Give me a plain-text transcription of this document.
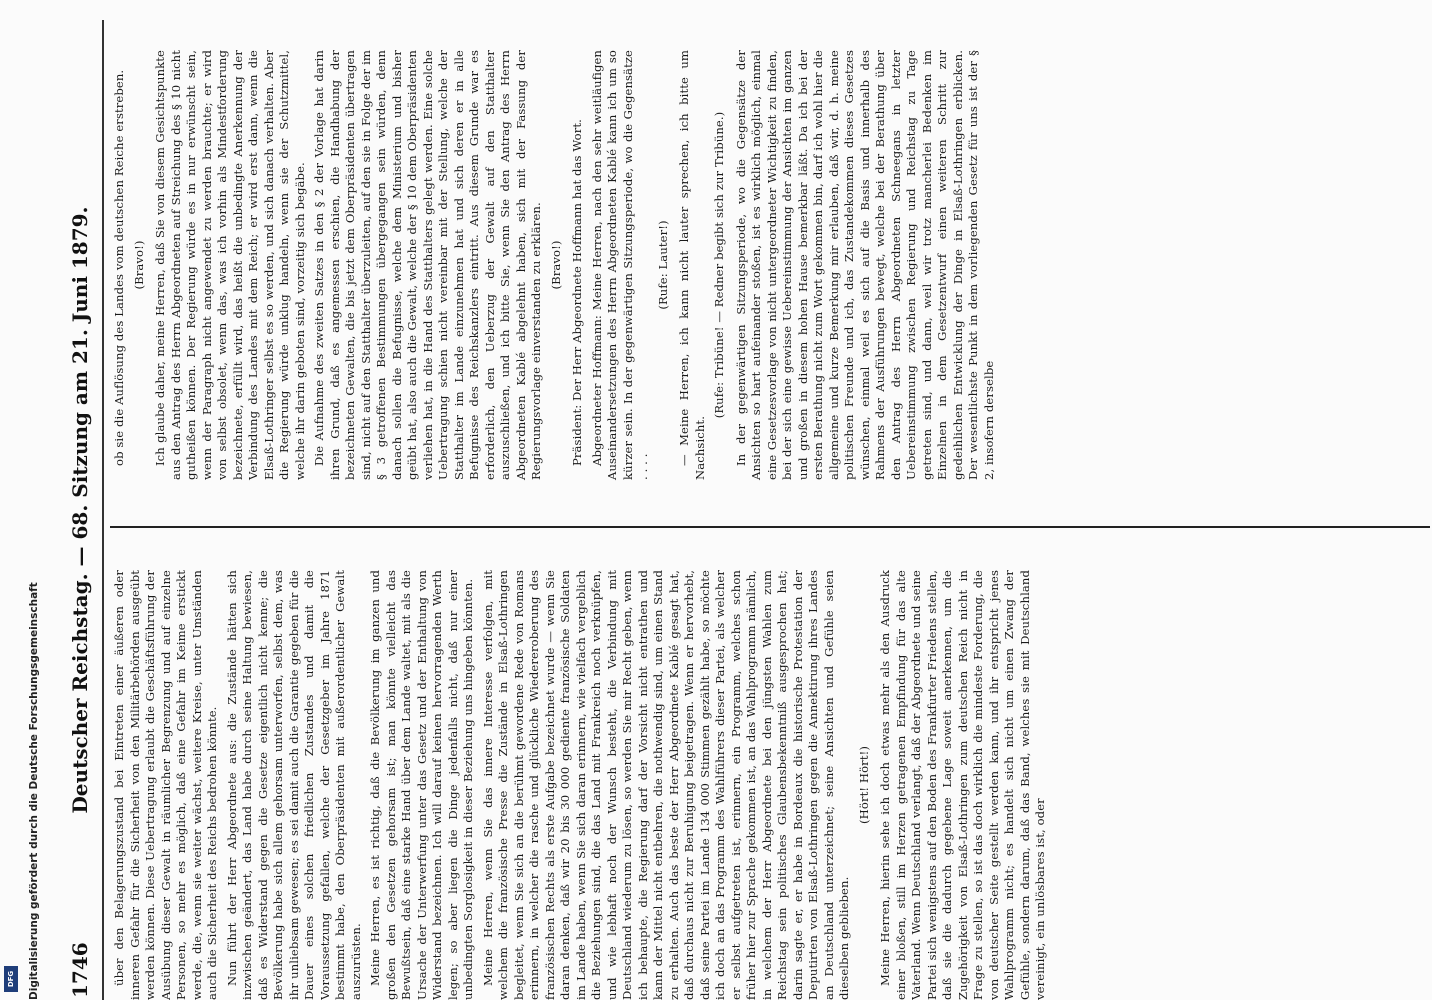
1746
Deutscher Reichstag. — 68. Sitzung am 21. Juni 1879. über den Belagerungszustand bei Eintreten einer äußeren oder inneren Gefahr für die Sicherheit von den Militärbehörden ausgeübt werden können. Diese Uebertragung erlaubt die Geschäftsführung der Ausübung dieser Gewalt in räumlicher Begrenzung und auf einzelne Personen, so mehr es möglich, daß eine Gefahr im Keime erstickt werde, die, wenn sie weiter wächst, weitere Kreise, unter Umständen auch die Sicherheit des Reichs bedrohen könnte. Nun führt der Herr Abgeordnete aus: die Zustände hätten sich inzwischen geändert, das Land habe durch seine Haltung bewiesen, daß es Widerstand gegen die Gesetze eigentlich nicht kenne; die Bevölkerung habe sich allem gehorsam unterworfen, selbst dem, was ihr unliebsam gewesen; es sei damit auch die Garantie gegeben für die Dauer eines solchen friedlichen Zustandes und damit die Voraussetzung gefallen, welche der Gesetzgeber im Jahre 1871 bestimmt habe, den Oberpräsidenten mit außerordentlicher Gewalt auszurüsten. Meine Herren, es ist richtig, daß die Bevölkerung im ganzen und großen den Gesetzen gehorsam ist; man könnte vielleicht das Bewußtsein, daß eine starke Hand über dem Lande waltet, mit als die Ursache der Unterwerfung unter das Gesetz und der Enthaltung von Widerstand bezeichnen. Ich will darauf keinen hervorragenden Werth legen; so aber liegen die Dinge jedenfalls nicht, daß nur einer unbedingten Sorglosigkeit in dieser Beziehung uns hingeben könnten. Meine Herren, wenn Sie das innere Interesse verfolgen, mit welchem die französische Presse die Zustände in Elsaß-Lothringen begleitet, wenn Sie sich an die berühmt gewordene Rede von Romans erinnern, in welcher die rasche und glückliche Wiedereroberung des französischen Rechts als erste Aufgabe bezeichnet wurde — wenn Sie daran denken, daß wir 20 bis 30 000 gediente französische Soldaten im Lande haben, wenn Sie sich daran erinnern, wie vielfach vergeblich die Beziehungen sind, die das Land mit Frankreich noch verknüpfen, und wie lebhaft noch der Wunsch besteht, die Verbindung mit Deutschland wiederum zu lösen, so werden Sie mir Recht geben, wenn ich behaupte, die Regierung darf der Vorsicht nicht entrathen und kann der Mittel nicht entbehren, die nothwendig sind, um einen Stand zu erhalten. Auch das beste der Herr Abgeordnete Kablé gesagt hat, daß durchaus nicht zur Beruhigung beigetragen. Wenn er hervorhebt, daß seine Partei im Lande 134 000 Stimmen gezählt habe, so möchte ich doch an das Programm des Wahlführers dieser Partei, als welcher er selbst aufgetreten ist, erinnern, ein Programm, welches schon früher hier zur Sprache gekommen ist, an das Wahlprogramm nämlich, in welchem der Herr Abgeordnete bei den jüngsten Wahlen zum Reichstag sein politisches Glaubensbekenntniß ausgesprochen hat; darin sagte er, er habe in Bordeaux die historische Protestation der Deputirten von Elsaß-Lothringen gegen die Annektirung ihres Landes an Deutschland unterzeichnet; seine Ansichten und Gefühle seien dieselben geblieben.

(Hört! Hört!) Meine Herren, hierin sehe ich doch etwas mehr als den Ausdruck einer bloßen, still im Herzen getragenen Empfindung für das alte Vaterland. Wenn Deutschland verlangt, daß der Abgeordnete und seine Partei sich wenigstens auf den Boden des Frankfurter Friedens stellen, daß sie die dadurch gegebene Lage soweit anerkennen, um die Zugehörigkeit von Elsaß-Lothringen zum deutschen Reich nicht in Frage zu stellen, so ist das doch wirklich die mindeste Forderung, die von deutscher Seite gestellt werden kann, und ihr entspricht jenes Wahlprogramm nicht; es handelt sich nicht um einen Zwang der Gefühle, sondern darum, daß das Band, welches sie mit Deutschland vereinigt, ein unlösbares ist, oder

ob sie die Auflösung des Landes vom deutschen Reiche erstreben. (Bravo!) Ich glaube daher, meine Herren, daß Sie von diesem Gesichtspunkte aus den Antrag des Herrn Abgeordneten auf Streichung des § 10 nicht gutheißen können. Der Regierung würde es in nur erwünscht sein, wenn der Paragraph nicht angewendet zu werden brauchte; er wird von selbst obsolet, wenn das, was ich vorhin als Mindestforderung bezeichnete, erfüllt wird, das heißt die unbedingte Anerkennung der Verbindung des Landes mit dem Reich; er wird erst dann, wenn die Elsaß-Lothringer selbst es so werden, und sich danach verhalten. Aber die Regierung würde unklug handeln, wenn sie der Schutzmittel, welche ihr darin geboten sind, vorzeitig sich begäbe. Die Aufnahme des zweiten Satzes in den § 2 der Vorlage hat darin ihren Grund, daß es angemessen erschien, die Handhabung der bezeichneten Gewalten, die bis jetzt dem Oberpräsidenten übertragen sind, nicht auf den Statthalter überzuleiten, auf den sie in Folge der im § 3 getroffenen Bestimmungen übergegangen sein würden, denn danach sollen die Befugnisse, welche dem Ministerium und bisher geübt hat, also auch die Gewalt, welche der § 10 dem Oberpräsidenten verliehen hat, in die Hand des Statthalters gelegt werden. Eine solche Uebertragung schien nicht vereinbar mit der Stellung, welche der Statthalter im Lande einzunehmen hat und sich deren er in alle Befugnisse des Reichskanzlers eintritt. Aus diesem Grunde war es erforderlich, den Ueberzug der Gewalt auf den Statthalter auszuschließen, und ich bitte Sie, wenn Sie den Antrag des Herrn Abgeordneten Kablé abgelehnt haben, sich mit der Fassung der Regierungsvorlage einverstanden zu erklären. (Bravo!) Präsident: Der Herr Abgeordnete Hoffmann hat das Wort. Abgeordneter Hoffmann: Meine Herren, nach den sehr weitläufigen Auseinandersetzungen des Herrn Abgeordneten Kablé kann ich um so kürzer sein. In der gegenwärtigen Sitzungsperiode, wo die Gegensätze . . . .

(Rufe: Lauter!) — Meine Herren, ich kann nicht lauter sprechen, ich bitte um Nachsicht.

(Rufe: Tribüne! — Redner begibt sich zur Tribüne.) In der gegenwärtigen Sitzungsperiode, wo die Gegensätze der Ansichten so hart aufeinander stoßen, ist es wirklich möglich, einmal eine Gesetzesvorlage von nicht untergeordneter Wichtigkeit zu finden, bei der sich eine gewisse Uebereinstimmung der Ansichten im ganzen und großen in diesem hohen Hause bemerkbar läßt. Da ich bei der ersten Berathung nicht zum Wort gekommen bin, darf ich wohl hier die allgemeine und kurze Bemerkung mir erlauben, daß wir, d. h. meine politischen Freunde und ich, das Zustandekommen dieses Gesetzes wünschen, einmal weil es sich auf die Basis und innerhalb des Rahmens der Ausführungen bewegt, welche bei der Berathung über den Antrag des Herrn Abgeordneten Schneegans in letzter Uebereinstimmung zwischen Regierung und Reichstag zu Tage getreten sind, und dann, weil wir trotz mancherlei Bedenken im Einzelnen in dem Gesetzentwurf einen weiteren Schritt zur gedeihlichen Entwicklung der Dinge in Elsaß-Lothringen erblicken. Der wesentlichste Punkt in dem vorliegenden Gesetz für uns ist der § 2, insofern derselbe

Digitalisierung gefördert durch die Deutsche Forschungsgemeinschaft
DFG
